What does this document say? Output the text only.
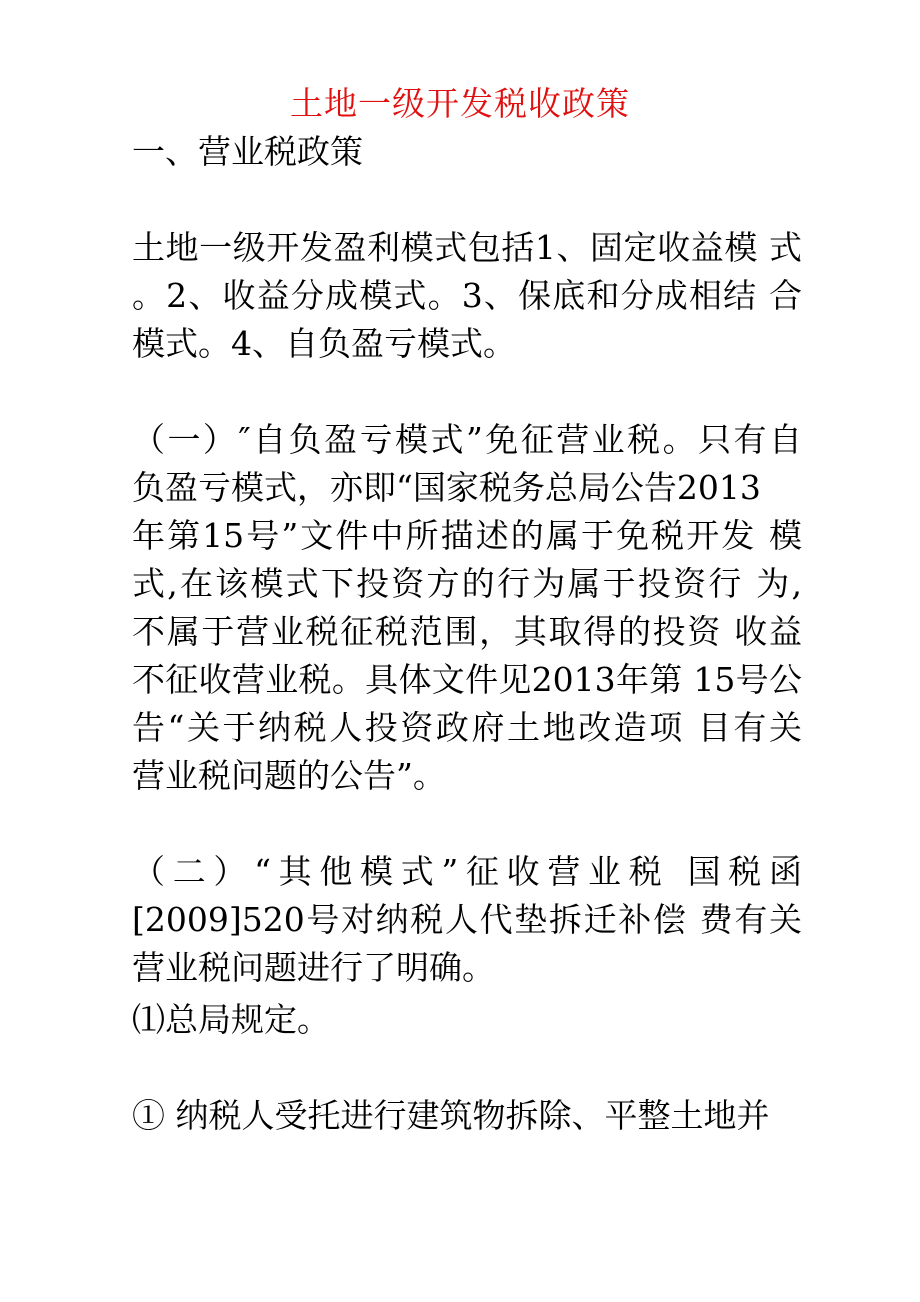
土地一级开发税收政策
一、营业税政策
土地一级开发盈利模式包括1、固定收益模 式
。2、收益分成模式。3、保底和分成相结 合
模式。4、自负盈亏模式。
（一）″自负盈亏模式”免征营业税。只有自
负盈亏模式，亦即“国家税务总局公告2013
年第15号”文件中所描述的属于免税开发 模
式,在该模式下投资方的行为属于投资行 为,
不属于营业税征税范围，其取得的投资 收益
不征收营业税。具体文件见2013年第 15号公
告“关于纳税人投资政府土地改造项 目有关
营业税问题的公告”。
（二）“其他模式”征收营业税 国税函
[2009]520号对纳税人代垫拆迁补偿 费有关
营业税问题进行了明确。
⑴总局规定。
① 纳税人受托进行建筑物拆除、平整土地并
